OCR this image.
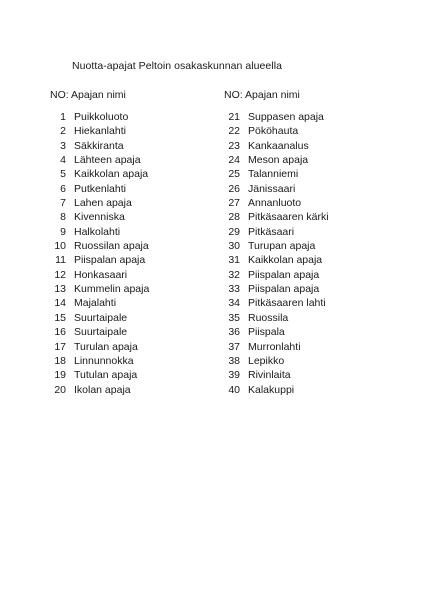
Nuotta-apajat Peltoin osakaskunnan alueella
NO: Apajan nimi
1 Puikkoluoto
2 Hiekanlahti
3 Säkkiranta
4 Lähteen apaja
5 Kaikkolan apaja
6 Putkenlahti
7 Lahen apaja
8 Kivenniska
9 Halkolahti
10 Ruossilan apaja
11 Piispalan apaja
12 Honkasaari
13 Kummelin apaja
14 Majalahti
15 Suurtaipale
16 Suurtaipale
17 Turulan apaja
18 Linnunnokka
19 Tutulan apaja
20 Ikolan apaja
NO: Apajan nimi
21 Suppasen apaja
22 Pököhauta
23 Kankaanalus
24 Meson apaja
25 Talanniemi
26 Jänissaari
27 Annanluoto
28 Pitkäsaaren kärki
29 Pitkäsaari
30 Turupan apaja
31 Kaikkolan apaja
32 Piispalan apaja
33 Piispalan apaja
34 Pitkäsaaren lahti
35 Ruossila
36 Piispala
37 Murronlahti
38 Lepikko
39 Rivinlaita
40 Kalakuppi
